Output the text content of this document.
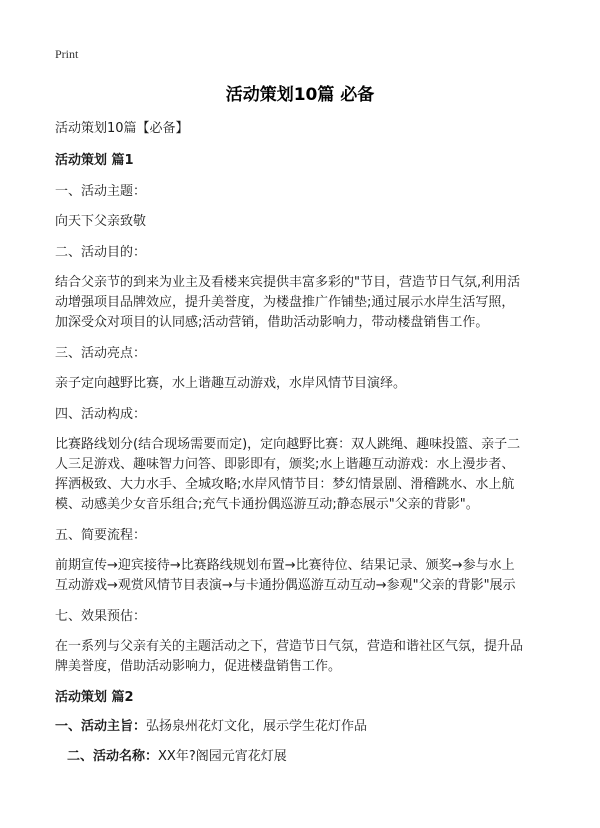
Print
活动策划10篇 必备
活动策划10篇【必备】
活动策划 篇1
一、活动主题：
向天下父亲致敬
二、活动目的：
结合父亲节的到来为业主及看楼来宾提供丰富多彩的"节目，营造节日气氛,利用活
动增强项目品牌效应，提升美誉度，为楼盘推广作铺垫;通过展示水岸生活写照，
加深受众对项目的认同感;活动营销，借助活动影响力，带动楼盘销售工作。
三、活动亮点：
亲子定向越野比赛，水上谐趣互动游戏，水岸风情节目演绎。
四、活动构成：
比赛路线划分(结合现场需要而定)，定向越野比赛：双人跳绳、趣味投篮、亲子二
人三足游戏、趣味智力问答、即影即有，颁奖;水上谐趣互动游戏：水上漫步者、
挥洒极致、大力水手、全城攻略;水岸风情节目：梦幻情景剧、滑稽跳水、水上航
模、动感美少女音乐组合;充气卡通扮偶巡游互动;静态展示"父亲的背影"。
五、简要流程：
前期宣传→迎宾接待→比赛路线规划布置→比赛待位、结果记录、颁奖→参与水上
互动游戏→观赏风情节目表演→与卡通扮偶巡游互动互动→参观"父亲的背影"展示
七、效果预估：
在一系列与父亲有关的主题活动之下，营造节日气氛，营造和谐社区气氛，提升品
牌美誉度，借助活动影响力，促进楼盘销售工作。
活动策划 篇2
一、活动主旨：弘扬泉州花灯文化，展示学生花灯作品
二、活动名称：XX年?阁园元宵花灯展
